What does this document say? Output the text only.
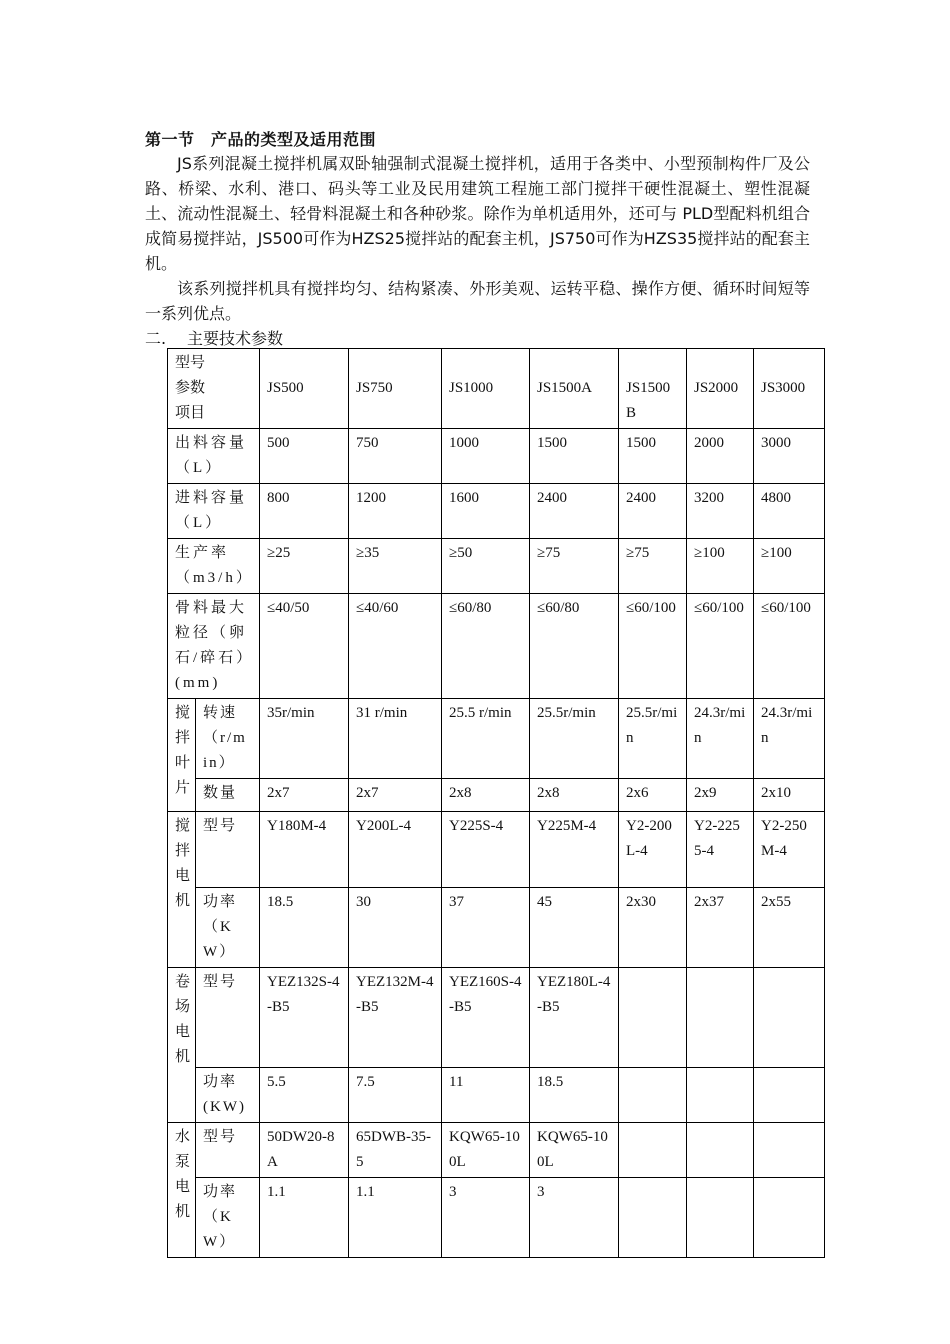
第一节　产品的类型及适用范围
JS系列混凝土搅拌机属双卧轴强制式混凝土搅拌机，适用于各类中、小型预制构件厂及公路、桥梁、水利、港口、码头等工业及民用建筑工程施工部门搅拌干硬性混凝土、塑性混凝土、流动性混凝土、轻骨料混凝土和各种砂浆。除作为单机适用外，还可与 PLD型配料机组合成简易搅拌站，JS500可作为HZS25搅拌站的配套主机，JS750可作为HZS35搅拌站的配套主机。
该系列搅拌机具有搅拌均匀、结构紧凑、外形美观、运转平稳、操作方便、循环时间短等一系列优点。
二. 主要技术参数
型号参数项目		JS500	JS750	JS1000	JS1500A	JS1500B	JS2000	JS3000

出料容量（L）		500	750	1000	1500	1500	2000	3000

进料容量（L）		800	1200	1600	2400	2400	3200	4800

生产率（m3/h）		≥25	≥35	≥50	≥75	≥75	≥100	≥100

骨料最大粒径（卵石/碎石）(mm)		≤40/50	≤40/60	≤60/80	≤60/80	≤60/100	≤60/100	≤60/100

搅拌叶片	转速（r/min）	35r/min	31 r/min	25.5 r/min	25.5r/min	25.5r/min	24.3r/min	24.3r/min

	数量	2x7	2x7	2x8	2x8	2x6	2x9	2x10

搅拌电机	型号	Y180M-4	Y200L-4	Y225S-4	Y225M-4	Y2-200L-4	Y2-2255-4	Y2-250M-4

	功率（KW）	18.5	30	37	45	2x30	2x37	2x55

卷场电机	型号	YEZ132S-4-B5	YEZ132M-4-B5	YEZ160S-4-B5	YEZ180L-4-B5			

	功率(KW)	5.5	7.5	11	18.5			

水泵电机	型号	50DW20-8A	65DWB-35-5	KQW65-100L	KQW65-100L			

	功率（KW）	1.1	1.1	3	3			
